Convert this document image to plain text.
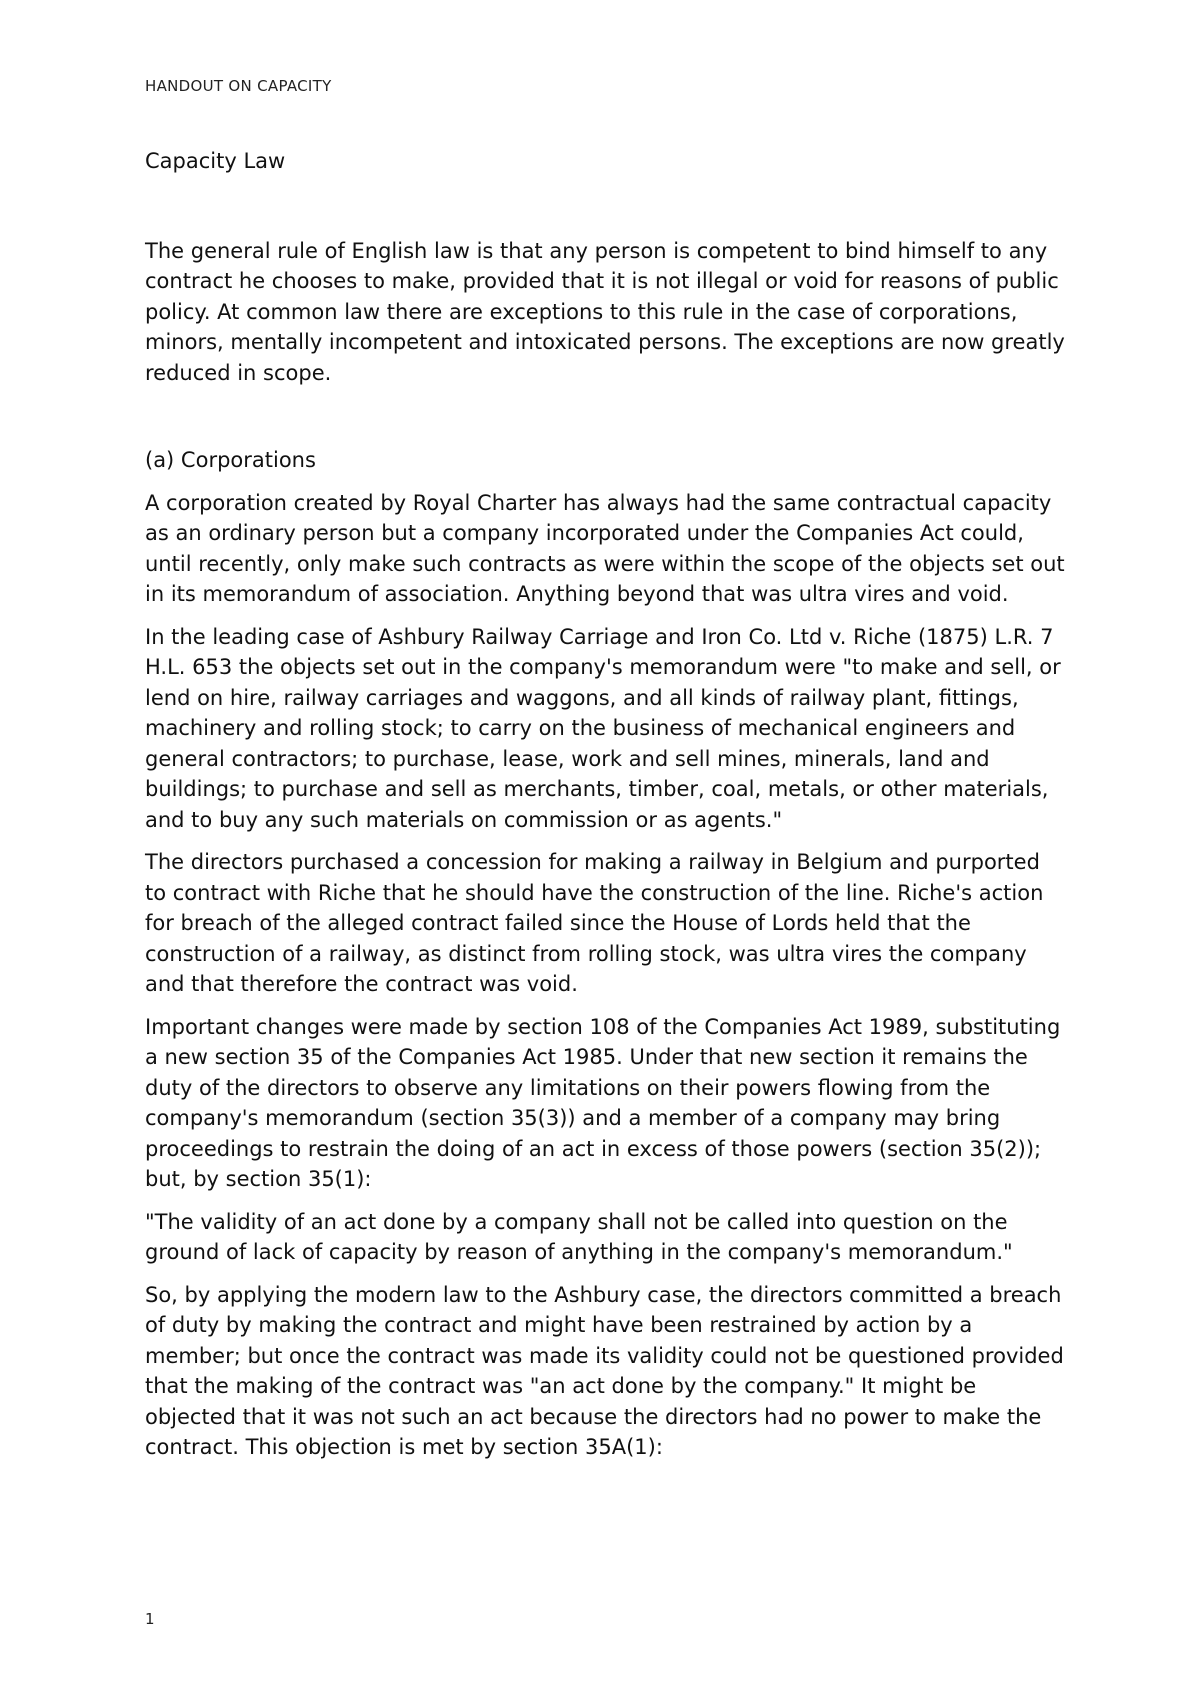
HANDOUT ON CAPACITY

Capacity Law

The general rule of English law is that any person is competent to bind himself to any contract he chooses to make, provided that it is not illegal or void for reasons of public policy. At common law there are exceptions to this rule in the case of corporations, minors, mentally incompetent and intoxicated persons. The exceptions are now greatly reduced in scope.

(a) Corporations

A corporation created by Royal Charter has always had the same contractual capacity as an ordinary person but a company incorporated under the Companies Act could, until recently, only make such contracts as were within the scope of the objects set out in its memorandum of association. Anything beyond that was ultra vires and void.

In the leading case of Ashbury Railway Carriage and Iron Co. Ltd v. Riche (1875) L.R. 7 H.L. 653 the objects set out in the company's memorandum were "to make and sell, or lend on hire, railway carriages and waggons, and all kinds of railway plant, fittings, machinery and rolling stock; to carry on the business of mechanical engineers and general contractors; to purchase, lease, work and sell mines, minerals, land and buildings; to purchase and sell as merchants, timber, coal, metals, or other materials, and to buy any such materials on commission or as agents."

The directors purchased a concession for making a railway in Belgium and purported to contract with Riche that he should have the construction of the line. Riche's action for breach of the alleged contract failed since the House of Lords held that the construction of a railway, as distinct from rolling stock, was ultra vires the company and that therefore the contract was void.

Important changes were made by section 108 of the Companies Act 1989, substituting a new section 35 of the Companies Act 1985. Under that new section it remains the duty of the directors to observe any limitations on their powers flowing from the company's memorandum (section 35(3)) and a member of a company may bring proceedings to restrain the doing of an act in excess of those powers (section 35(2)); but, by section 35(1):

"The validity of an act done by a company shall not be called into question on the ground of lack of capacity by reason of anything in the company's memorandum."

So, by applying the modern law to the Ashbury case, the directors committed a breach of duty by making the contract and might have been restrained by action by a member; but once the contract was made its validity could not be questioned provided that the making of the contract was "an act done by the company." It might be objected that it was not such an act because the directors had no power to make the contract. This objection is met by section 35A(1):

1
